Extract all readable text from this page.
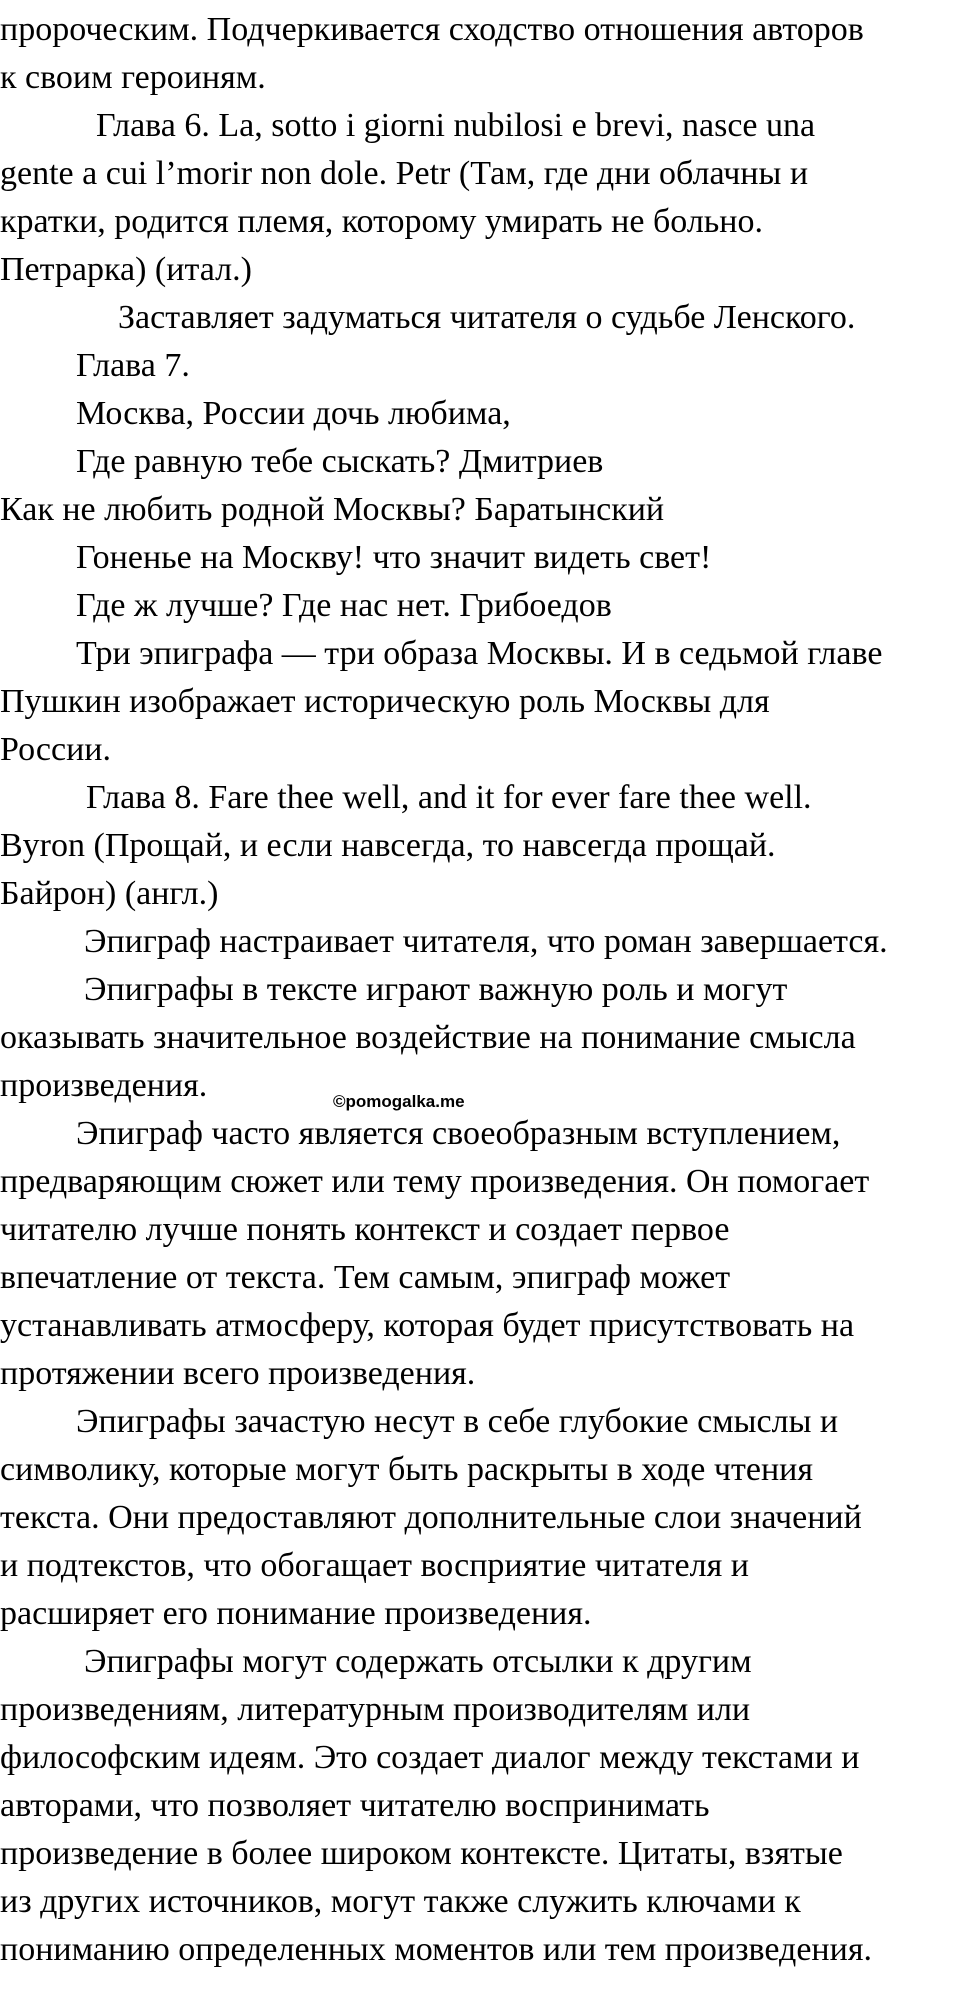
пророческим. Подчеркивается сходство отношения авторов
к своим героиням.
Глава 6. La, sotto i giorni nubilosi e brevi, nasce una
gente a cui l’morir non dole. Petr (Там, где дни облачны и
кратки, родится племя, которому умирать не больно.
Петрарка) (итал.)
Заставляет задуматься читателя о судьбе Ленского.
Глава 7.
Москва, России дочь любима,
Где равную тебе сыскать? Дмитриев
Как не любить родной Москвы? Баратынский
Гоненье на Москву! что значит видеть свет!
Где ж лучше? Где нас нет. Грибоедов
Три эпиграфа — три образа Москвы. И в седьмой главе
Пушкин изображает историческую роль Москвы для
России.
Глава 8. Fare thee well, and it for ever fare thee well.
Byron (Прощай, и если навсегда, то навсегда прощай.
Байрон) (англ.)
Эпиграф настраивает читателя, что роман завершается.
Эпиграфы в тексте играют важную роль и могут
оказывать значительное воздействие на понимание смысла
произведения.	©pomogalka.me
Эпиграф часто является своеобразным вступлением,
предваряющим сюжет или тему произведения. Он помогает
читателю лучше понять контекст и создает первое
впечатление от текста. Тем самым, эпиграф может
устанавливать атмосферу, которая будет присутствовать на
протяжении всего произведения.
Эпиграфы зачастую несут в себе глубокие смыслы и
символику, которые могут быть раскрыты в ходе чтения
текста. Они предоставляют дополнительные слои значений
и подтекстов, что обогащает восприятие читателя и
расширяет его понимание произведения.
Эпиграфы могут содержать отсылки к другим
произведениям, литературным производителям или
философским идеям. Это создает диалог между текстами и
авторами, что позволяет читателю воспринимать
произведение в более широком контексте. Цитаты, взятые
из других источников, могут также служить ключами к
пониманию определенных моментов или тем произведения.
